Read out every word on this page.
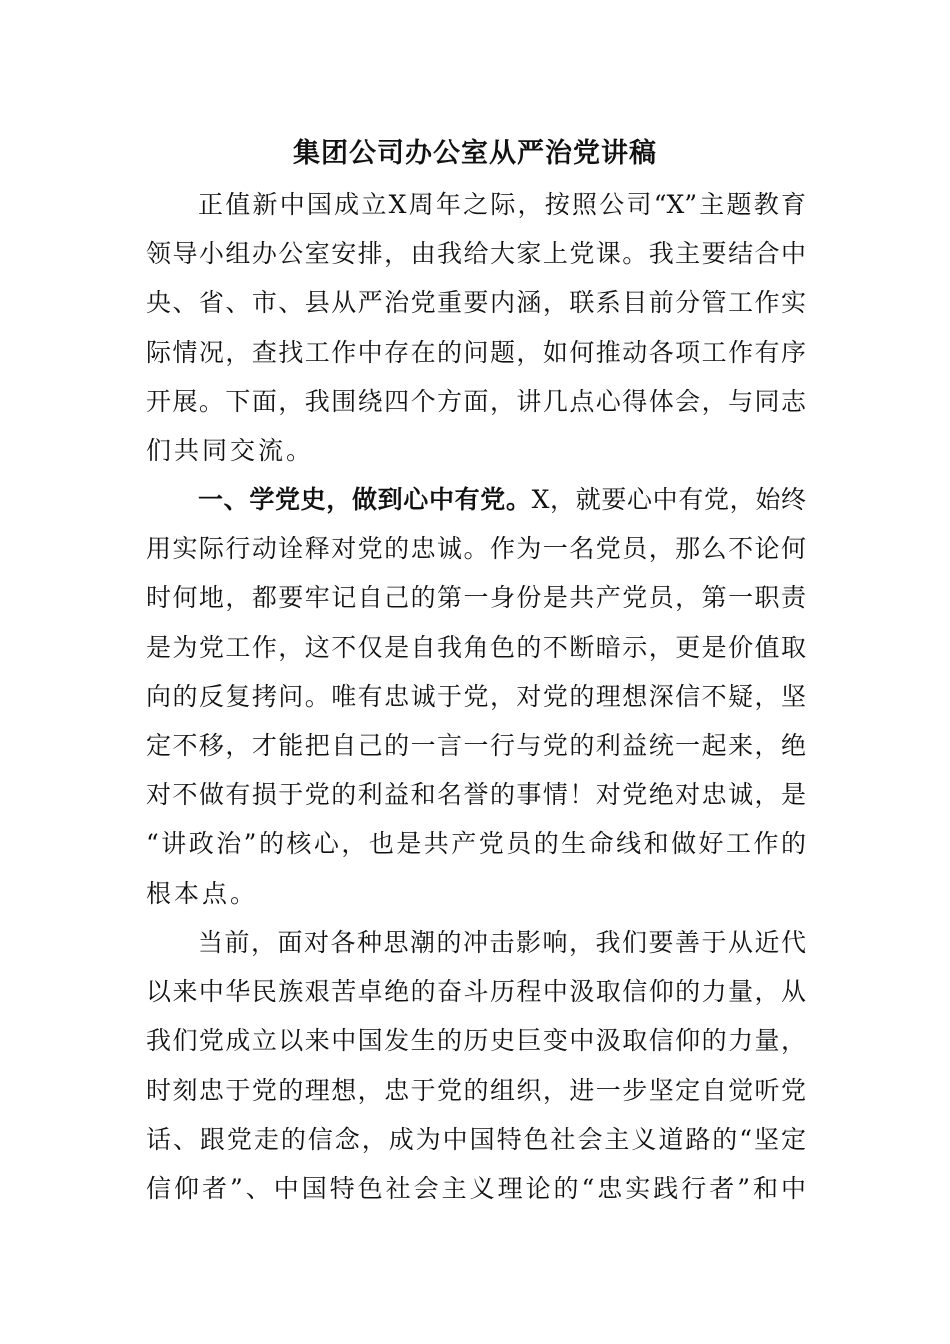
集团公司办公室从严治党讲稿
正值新中国成立X周年之际，按照公司“X”主题教育
领导小组办公室安排，由我给大家上党课。我主要结合中
央、省、市、县从严治党重要内涵，联系目前分管工作实
际情况，查找工作中存在的问题，如何推动各项工作有序
开展。下面，我围绕四个方面，讲几点心得体会，与同志
们共同交流。
一、学党史，做到心中有党。X，就要心中有党，始终
用实际行动诠释对党的忠诚。作为一名党员，那么不论何
时何地，都要牢记自己的第一身份是共产党员，第一职责
是为党工作，这不仅是自我角色的不断暗示，更是价值取
向的反复拷问。唯有忠诚于党，对党的理想深信不疑，坚
定不移，才能把自己的一言一行与党的利益统一起来，绝
对不做有损于党的利益和名誉的事情！对党绝对忠诚，是
“讲政治”的核心，也是共产党员的生命线和做好工作的
根本点。
当前，面对各种思潮的冲击影响，我们要善于从近代
以来中华民族艰苦卓绝的奋斗历程中汲取信仰的力量，从
我们党成立以来中国发生的历史巨变中汲取信仰的力量，
时刻忠于党的理想，忠于党的组织，进一步坚定自觉听党
话、跟党走的信念，成为中国特色社会主义道路的“坚定
信仰者”、中国特色社会主义理论的“忠实践行者”和中
